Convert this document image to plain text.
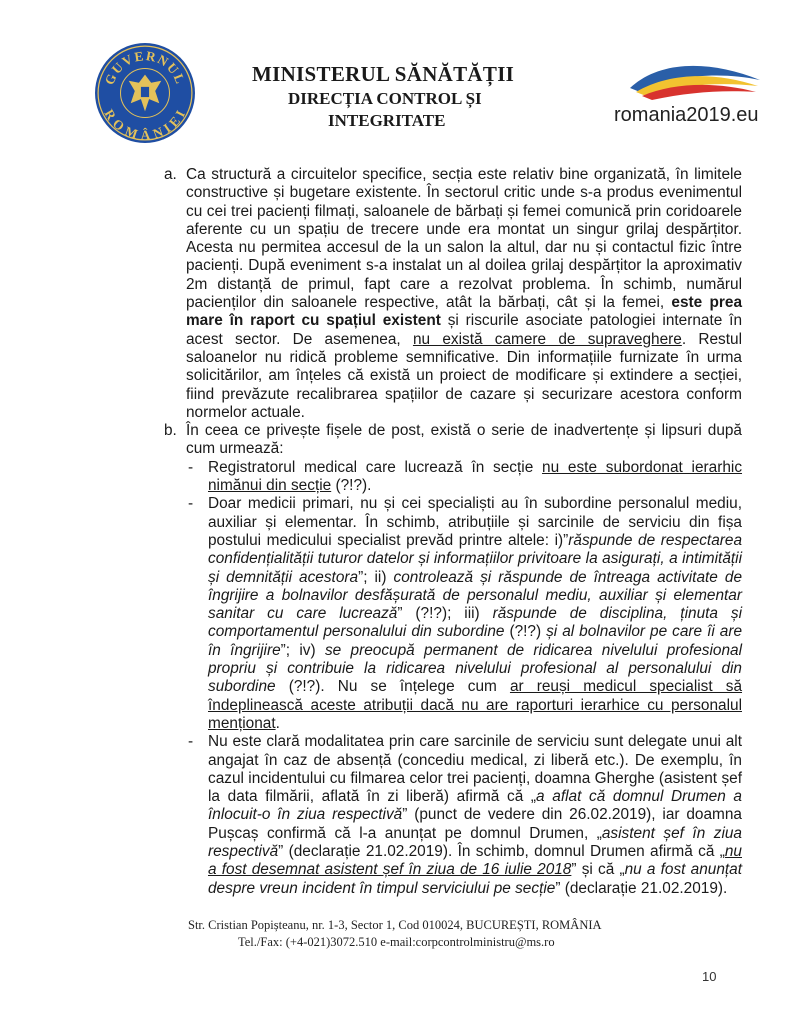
GUVERNUL
ROMÂNIEI
MINISTERUL SĂNĂTĂȚII
DIRECȚIA CONTROL ȘI
INTEGRITATE	romania2019.eu
a. Ca structură a circuitelor specifice, secția este relativ bine organizată, în limitele constructive și bugetare existente. În sectorul critic unde s-a produs evenimentul cu cei trei pacienți filmați, saloanele de bărbați și femei comunică prin coridoarele aferente cu un spațiu de trecere unde era montat un singur grilaj despărțitor. Acesta nu permitea accesul de la un salon la altul, dar nu și contactul fizic între pacienți. După eveniment s-a instalat un al doilea grilaj despărțitor la aproximativ 2m distanță de primul, fapt care a rezolvat problema. În schimb, numărul pacienților din saloanele respective, atât la bărbați, cât și la femei, este prea mare în raport cu spațiul existent și riscurile asociate patologiei internate în acest sector. De asemenea, nu există camere de supraveghere. Restul saloanelor nu ridică probleme semnificative. Din informațiile furnizate în urma solicitărilor, am înțeles că există un proiect de modificare și extindere a secției, fiind prevăzute recalibrarea spațiilor de cazare și securizare acestora conform normelor actuale.

b. În ceea ce privește fișele de post, există o serie de inadvertențe și lipsuri după cum urmează:

- Registratorul medical care lucrează în secție nu este subordonat ierarhic nimănui din secție (?!?).

- Doar medicii primari, nu și cei specialiști au în subordine personalul mediu, auxiliar și elementar. În schimb, atribuțiile și sarcinile de serviciu din fișa postului medicului specialist prevăd printre altele: i)”răspunde de respectarea confidențialității tuturor datelor și informațiilor privitoare la asigurați, a intimității și demnității acestora”; ii) controlează și răspunde de întreaga activitate de îngrijire a bolnavilor desfășurată de personalul mediu, auxiliar și elementar sanitar cu care lucrează” (?!?); iii) răspunde de disciplina, ținuta și comportamentul personalului din subordine (?!?) și al bolnavilor pe care îi are în îngrijire”; iv) se preocupă permanent de ridicarea nivelului profesional propriu și contribuie la ridicarea nivelului profesional al personalului din subordine (?!?). Nu se înțelege cum ar reuși medicul specialist să îndeplinească aceste atribuții dacă nu are raporturi ierarhice cu personalul menționat.

- Nu este clară modalitatea prin care sarcinile de serviciu sunt delegate unui alt angajat în caz de absență (concediu medical, zi liberă etc.). De exemplu, în cazul incidentului cu filmarea celor trei pacienți, doamna Gherghe (asistent șef la data filmării, aflată în zi liberă) afirmă că „a aflat că domnul Drumen a înlocuit-o în ziua respectivă” (punct de vedere din 26.02.2019), iar doamna Pușcaș confirmă că l-a anunțat pe domnul Drumen, „asistent șef în ziua respectivă” (declarație 21.02.2019). În schimb, domnul Drumen afirmă că „nu a fost desemnat asistent șef în ziua de 16 iulie 2018” și că „nu a fost anunțat despre vreun incident în timpul serviciului pe secție” (declarație 21.02.2019).

Str. Cristian Popișteanu, nr. 1-3, Sector 1, Cod 010024, BUCUREȘTI, ROMÂNIA
Tel./Fax: (+4-021)3072.510 e-mail:corpcontrolministru@ms.ro
10
